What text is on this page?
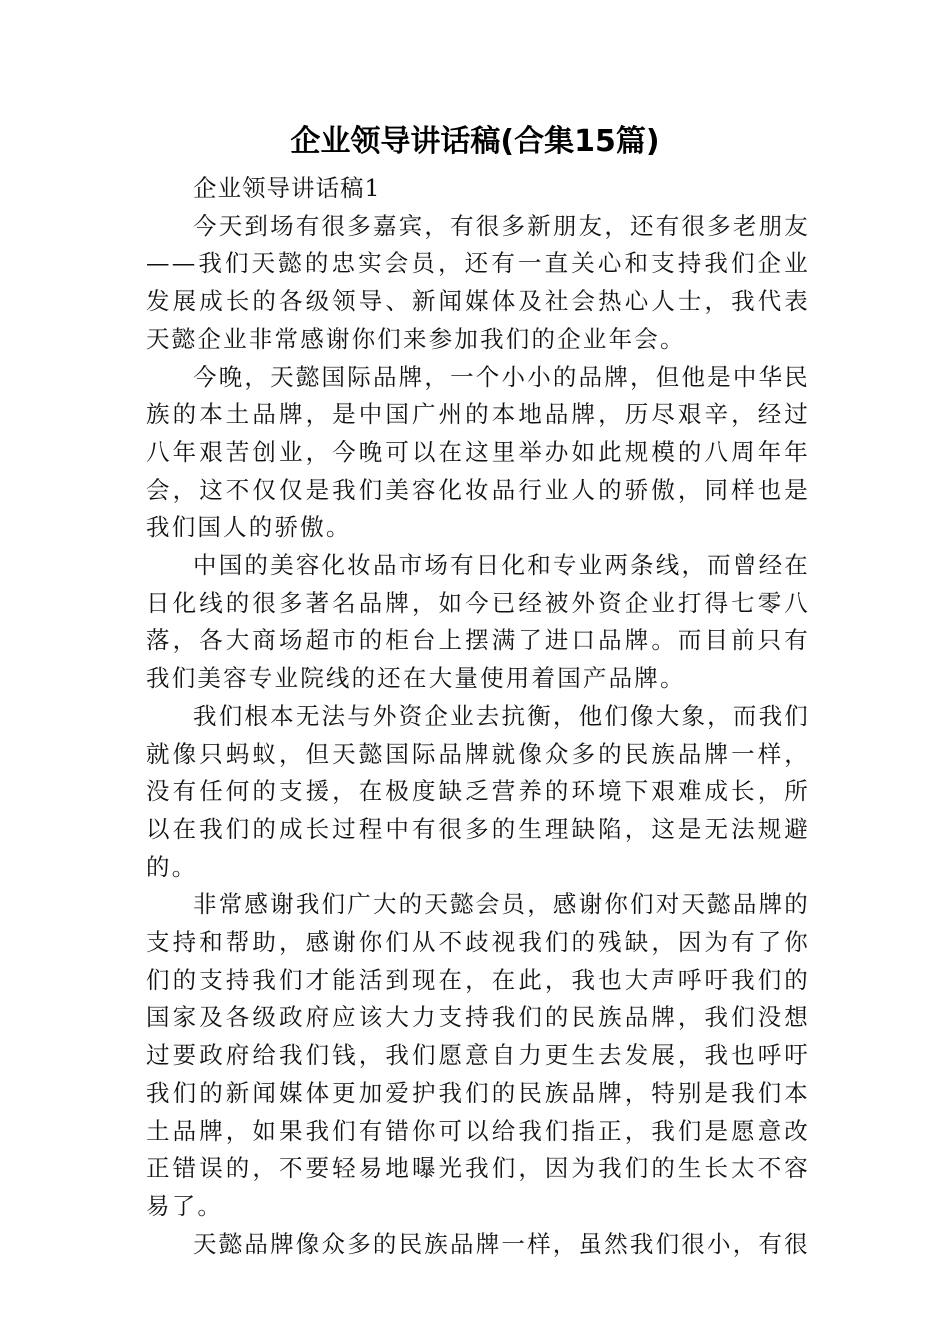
企业领导讲话稿(合集15篇)

企业领导讲话稿1

今天到场有很多嘉宾，有很多新朋友，还有很多老朋友——我们天懿的忠实会员，还有一直关心和支持我们企业发展成长的各级领导、新闻媒体及社会热心人士，我代表天懿企业非常感谢你们来参加我们的企业年会。

今晚，天懿国际品牌，一个小小的品牌，但他是中华民族的本土品牌，是中国广州的本地品牌，历尽艰辛，经过八年艰苦创业，今晚可以在这里举办如此规模的八周年年会，这不仅仅是我们美容化妆品行业人的骄傲，同样也是我们国人的骄傲。

中国的美容化妆品市场有日化和专业两条线，而曾经在日化线的很多著名品牌，如今已经被外资企业打得七零八落，各大商场超市的柜台上摆满了进口品牌。而目前只有我们美容专业院线的还在大量使用着国产品牌。

我们根本无法与外资企业去抗衡，他们像大象，而我们就像只蚂蚁，但天懿国际品牌就像众多的民族品牌一样，没有任何的支援，在极度缺乏营养的环境下艰难成长，所以在我们的成长过程中有很多的生理缺陷，这是无法规避的。

非常感谢我们广大的天懿会员，感谢你们对天懿品牌的支持和帮助，感谢你们从不歧视我们的残缺，因为有了你们的支持我们才能活到现在，在此，我也大声呼吁我们的国家及各级政府应该大力支持我们的民族品牌，我们没想过要政府给我们钱，我们愿意自力更生去发展，我也呼吁我们的新闻媒体更加爱护我们的民族品牌，特别是我们本土品牌，如果我们有错你可以给我们指正，我们是愿意改正错误的，不要轻易地曝光我们，因为我们的生长太不容易了。

天懿品牌像众多的民族品牌一样，虽然我们很小，有很
